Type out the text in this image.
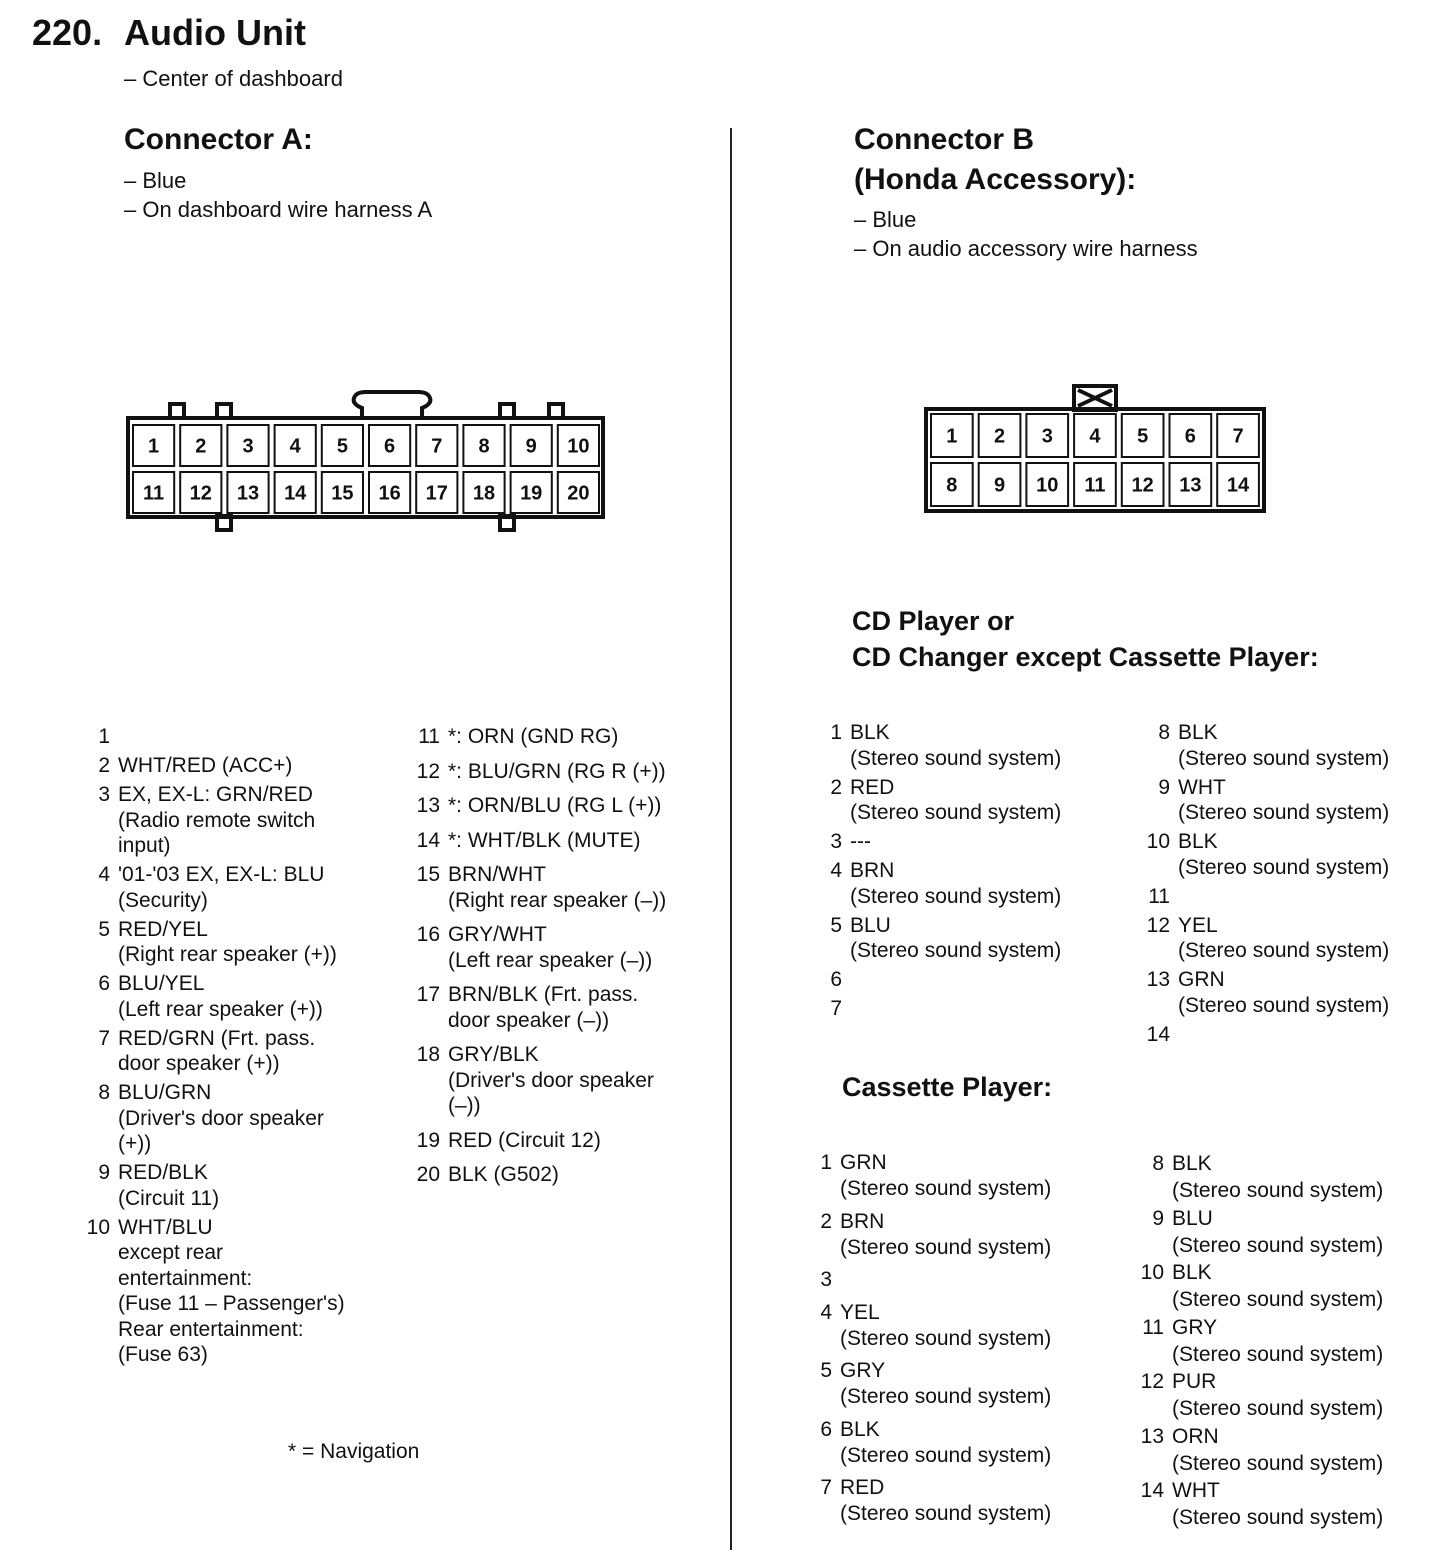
220. Audio Unit
– Center of dashboard
Connector A:
– Blue
– On dashboard wire harness A
Connector B
(Honda Accessory):
– Blue
– On audio accessory wire harness
1 2 3 4 5 6 7 8 9 10
11 12 13 14 15 16 17 18 19 20
1 2 3 4 5 6 7
8 9 10 11 12 13 14
1
2 WHT/RED (ACC+)
3 EX, EX-L: GRN/RED
(Radio remote switch
input)
4 '01-'03 EX, EX-L: BLU
(Security)
5 RED/YEL
(Right rear speaker (+))
6 BLU/YEL
(Left rear speaker (+))
7 RED/GRN (Frt. pass.
door speaker (+))
8 BLU/GRN
(Driver's door speaker
(+))
9 RED/BLK
(Circuit 11)
10 WHT/BLU
except rear
entertainment:
(Fuse 11 – Passenger's)
Rear entertainment:
(Fuse 63)
11 *: ORN (GND RG)
12 *: BLU/GRN (RG R (+))
13 *: ORN/BLU (RG L (+))
14 *: WHT/BLK (MUTE)
15 BRN/WHT
(Right rear speaker (–))
16 GRY/WHT
(Left rear speaker (–))
17 BRN/BLK (Frt. pass.
door speaker (–))
18 GRY/BLK
(Driver's door speaker
(–))
19 RED (Circuit 12)
20 BLK (G502)
* = Navigation
CD Player or
CD Changer except Cassette Player:
1 BLK
(Stereo sound system)
2 RED
(Stereo sound system)
3 ---
4 BRN
(Stereo sound system)
5 BLU
(Stereo sound system)
6
7
8 BLK
(Stereo sound system)
9 WHT
(Stereo sound system)
10 BLK
(Stereo sound system)
11
12 YEL
(Stereo sound system)
13 GRN
(Stereo sound system)
14
Cassette Player:
1 GRN
(Stereo sound system)
2 BRN
(Stereo sound system)
3
4 YEL
(Stereo sound system)
5 GRY
(Stereo sound system)
6 BLK
(Stereo sound system)
7 RED
(Stereo sound system)
8 BLK
(Stereo sound system)
9 BLU
(Stereo sound system)
10 BLK
(Stereo sound system)
11 GRY
(Stereo sound system)
12 PUR
(Stereo sound system)
13 ORN
(Stereo sound system)
14 WHT
(Stereo sound system)
